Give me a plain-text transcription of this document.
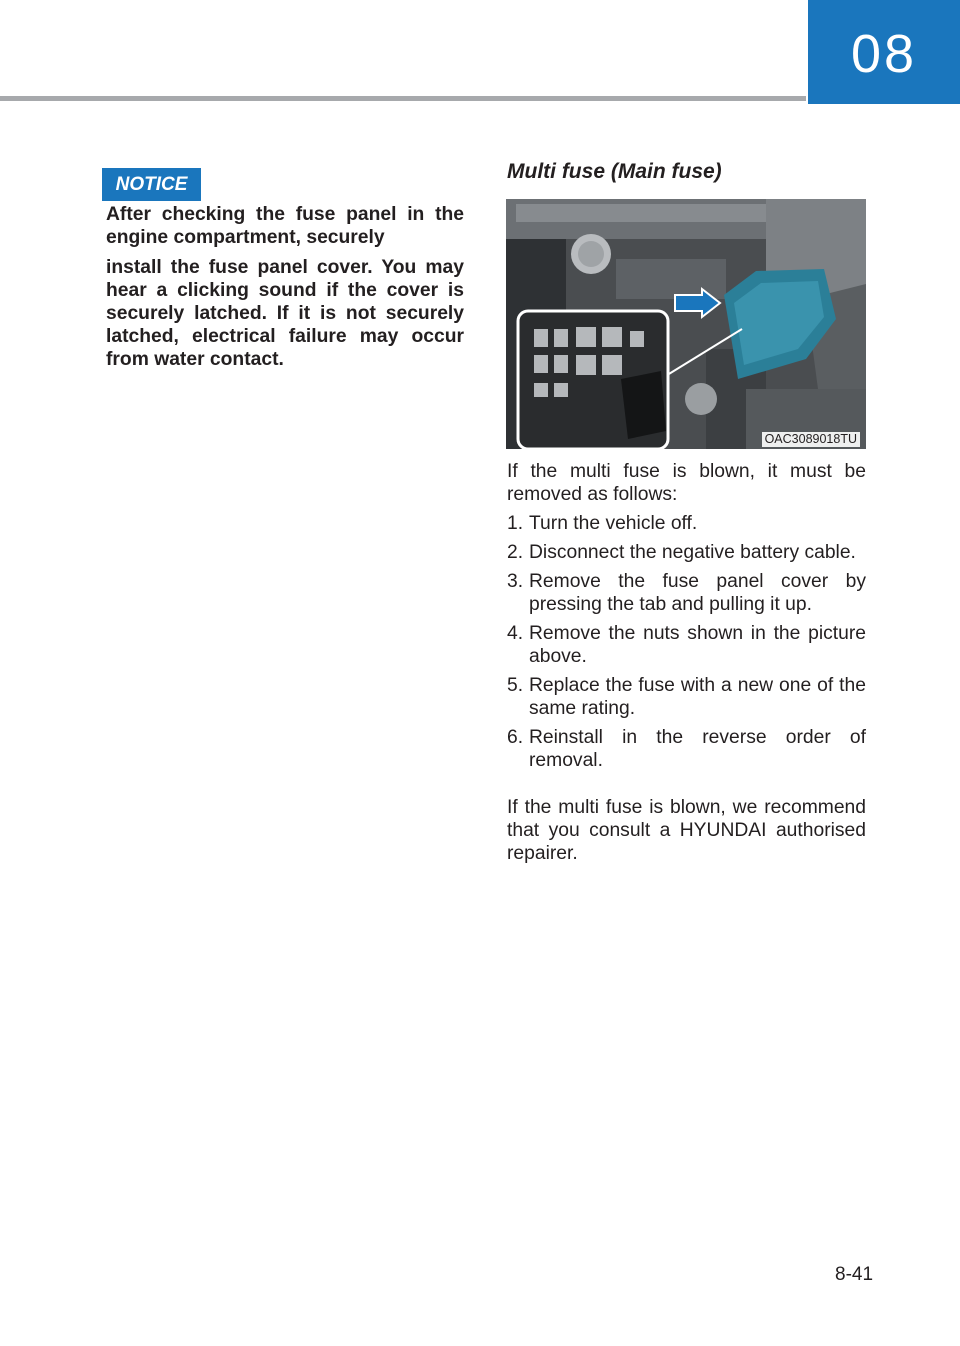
08
NOTICE

After checking the fuse panel in the engine compartment, securely

install the fuse panel cover. You may hear a clicking sound if the cover is securely latched. If it is not securely latched, electrical failure may occur from water contact.

Multi fuse (Main fuse)
OAC3089018TU

If the multi fuse is blown, it must be removed as follows:

1. Turn the vehicle off.
2. Disconnect the negative battery cable.
3. Remove the fuse panel cover by pressing the tab and pulling it up.
4. Remove the nuts shown in the picture above.
5. Replace the fuse with a new one of the same rating.
6. Reinstall in the reverse order of removal.

If the multi fuse is blown, we recommend that you consult a HYUNDAI authorised repairer.

8-41
